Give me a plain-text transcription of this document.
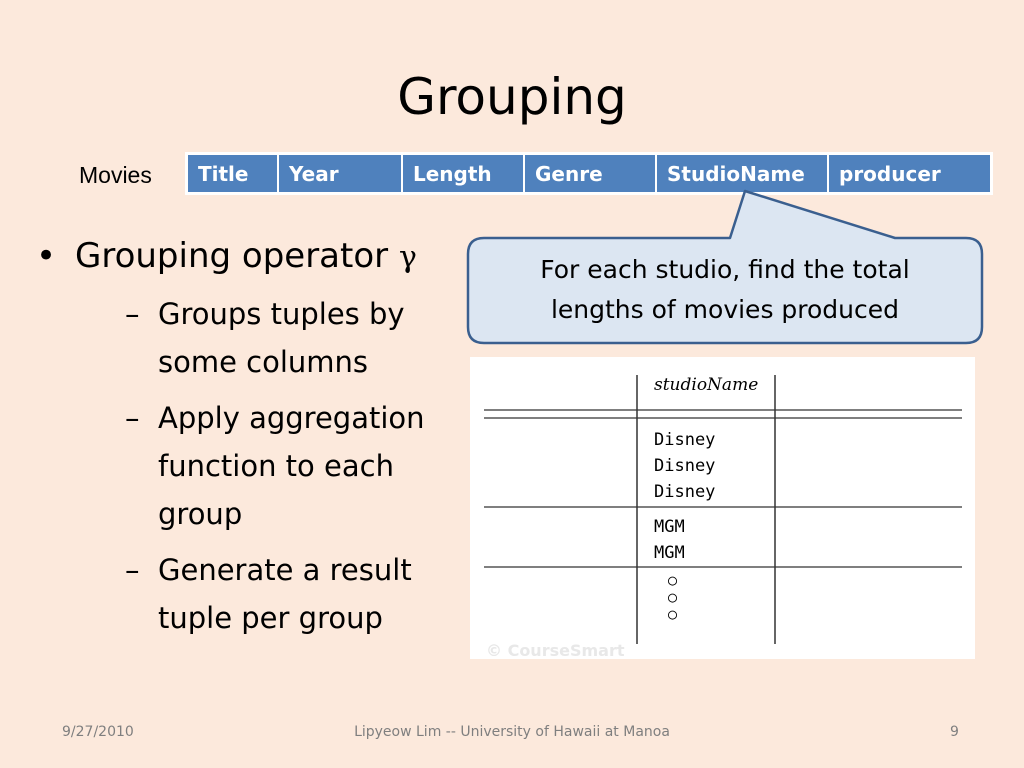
Grouping
Movies Title	Year	Length	Genre	StudioName	producer
• Grouping operator γ
– Groups tuples by some columns
– Apply aggregation function to each group
– Generate a result tuple per group
For each studio, find the total
lengths of movies produced
studioName
Disney
Disney
Disney
MGM
MGM
○
○
○
© CourseSmart
9/27/2010	Lipyeow Lim -- University of Hawaii at Manoa	9
